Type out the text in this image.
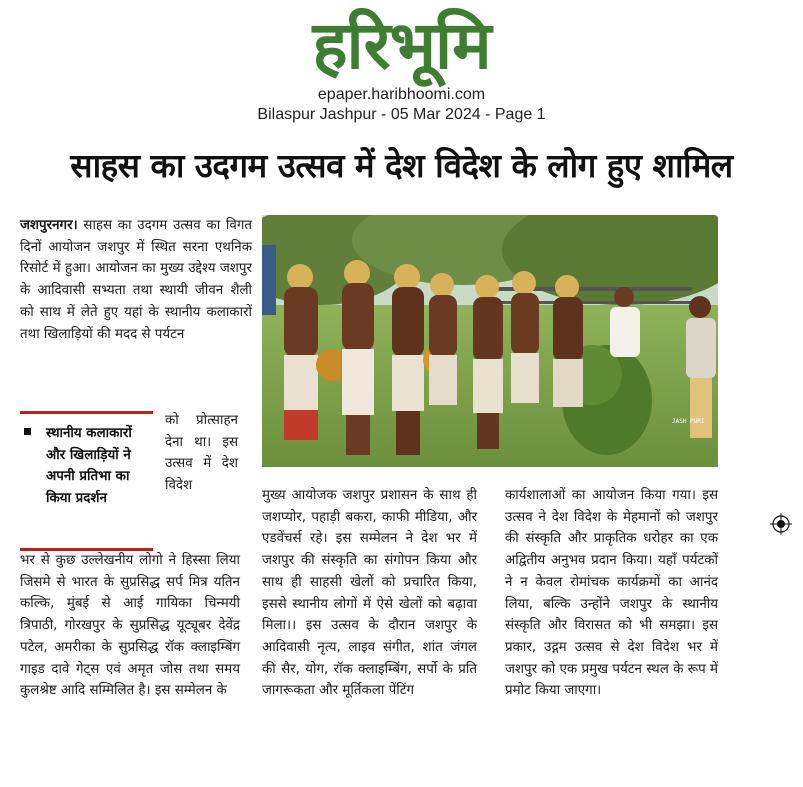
हरिभूमि
epaper.haribhoomi.com
Bilaspur Jashpur - 05 Mar 2024 - Page 1
साहस का उदगम उत्सव में देश विदेश के लोग हुए शामिल

जशपुरनगर। साहस का उदगम उत्सव का विगत दिनों आयोजन जशपुर में स्थित सरना एथनिक रिसोर्ट में हुआ। आयोजन का मुख्य उद्देश्य जशपुर के आदिवासी सभ्यता तथा स्थायी जीवन शैली को साथ में लेते हुए यहां के स्थानीय कलाकारों तथा खिलाड़ियों की मदद से पर्यटन

स्थानीय कलाकारों और खिलाड़ियों ने अपनी प्रतिभा का किया प्रदर्शन

को प्रोत्साहन देना था। इस उत्सव में देश विदेश

भर से कुछ उल्लेखनीय लोगो ने हिस्सा लिया जिसमे से भारत के सुप्रसिद्ध सर्प मित्र यतिन कल्कि, मुंबई से आई गायिका चिन्मयी त्रिपाठी, गोरखपुर के सुप्रसिद्ध यूट्यूबर देवेंद्र पटेल, अमरीका के सुप्रसिद्ध रॉक क्लाइम्बिंग गाइड दावे गेट्स एवं अमृत जोस तथा समय कुलश्रेष्ट आदि सम्मिलित है। इस सम्मेलन के

JASH PURI

मुख्य आयोजक जशपुर प्रशासन के साथ ही जशप्योर, पहाड़ी बकरा, काफी मीडिया, और एडवेंचर्स रहे। इस सम्मेलन ने देश भर में जशपुर की संस्कृति का संगोपन किया और साथ ही साहसी खेलों को प्रचारित किया, इससे स्थानीय लोगों में ऐसे खेलों को बढ़ावा मिला।। इस उत्सव के दौरान जशपुर के आदिवासी नृत्य, लाइव संगीत, शांत जंगल की सैर, योग, रॉक क्लाइम्बिंग, सर्पो के प्रति जागरूकता और मूर्तिकला पेंटिंग

कार्यशालाओं का आयोजन किया गया। इस उत्सव ने देश विदेश के मेहमानों को जशपुर की संस्कृति और प्राकृतिक धरोहर का एक अद्वितीय अनुभव प्रदान किया। यहाँ पर्यटकों ने न केवल रोमांचक कार्यक्रमों का आनंद लिया, बल्कि उन्होंने जशपुर के स्थानीय संस्कृति और विरासत को भी समझा। इस प्रकार, उद्गम उत्सव से देश विदेश भर में जशपुर को एक प्रमुख पर्यटन स्थल के रूप में प्रमोट किया जाएगा।
